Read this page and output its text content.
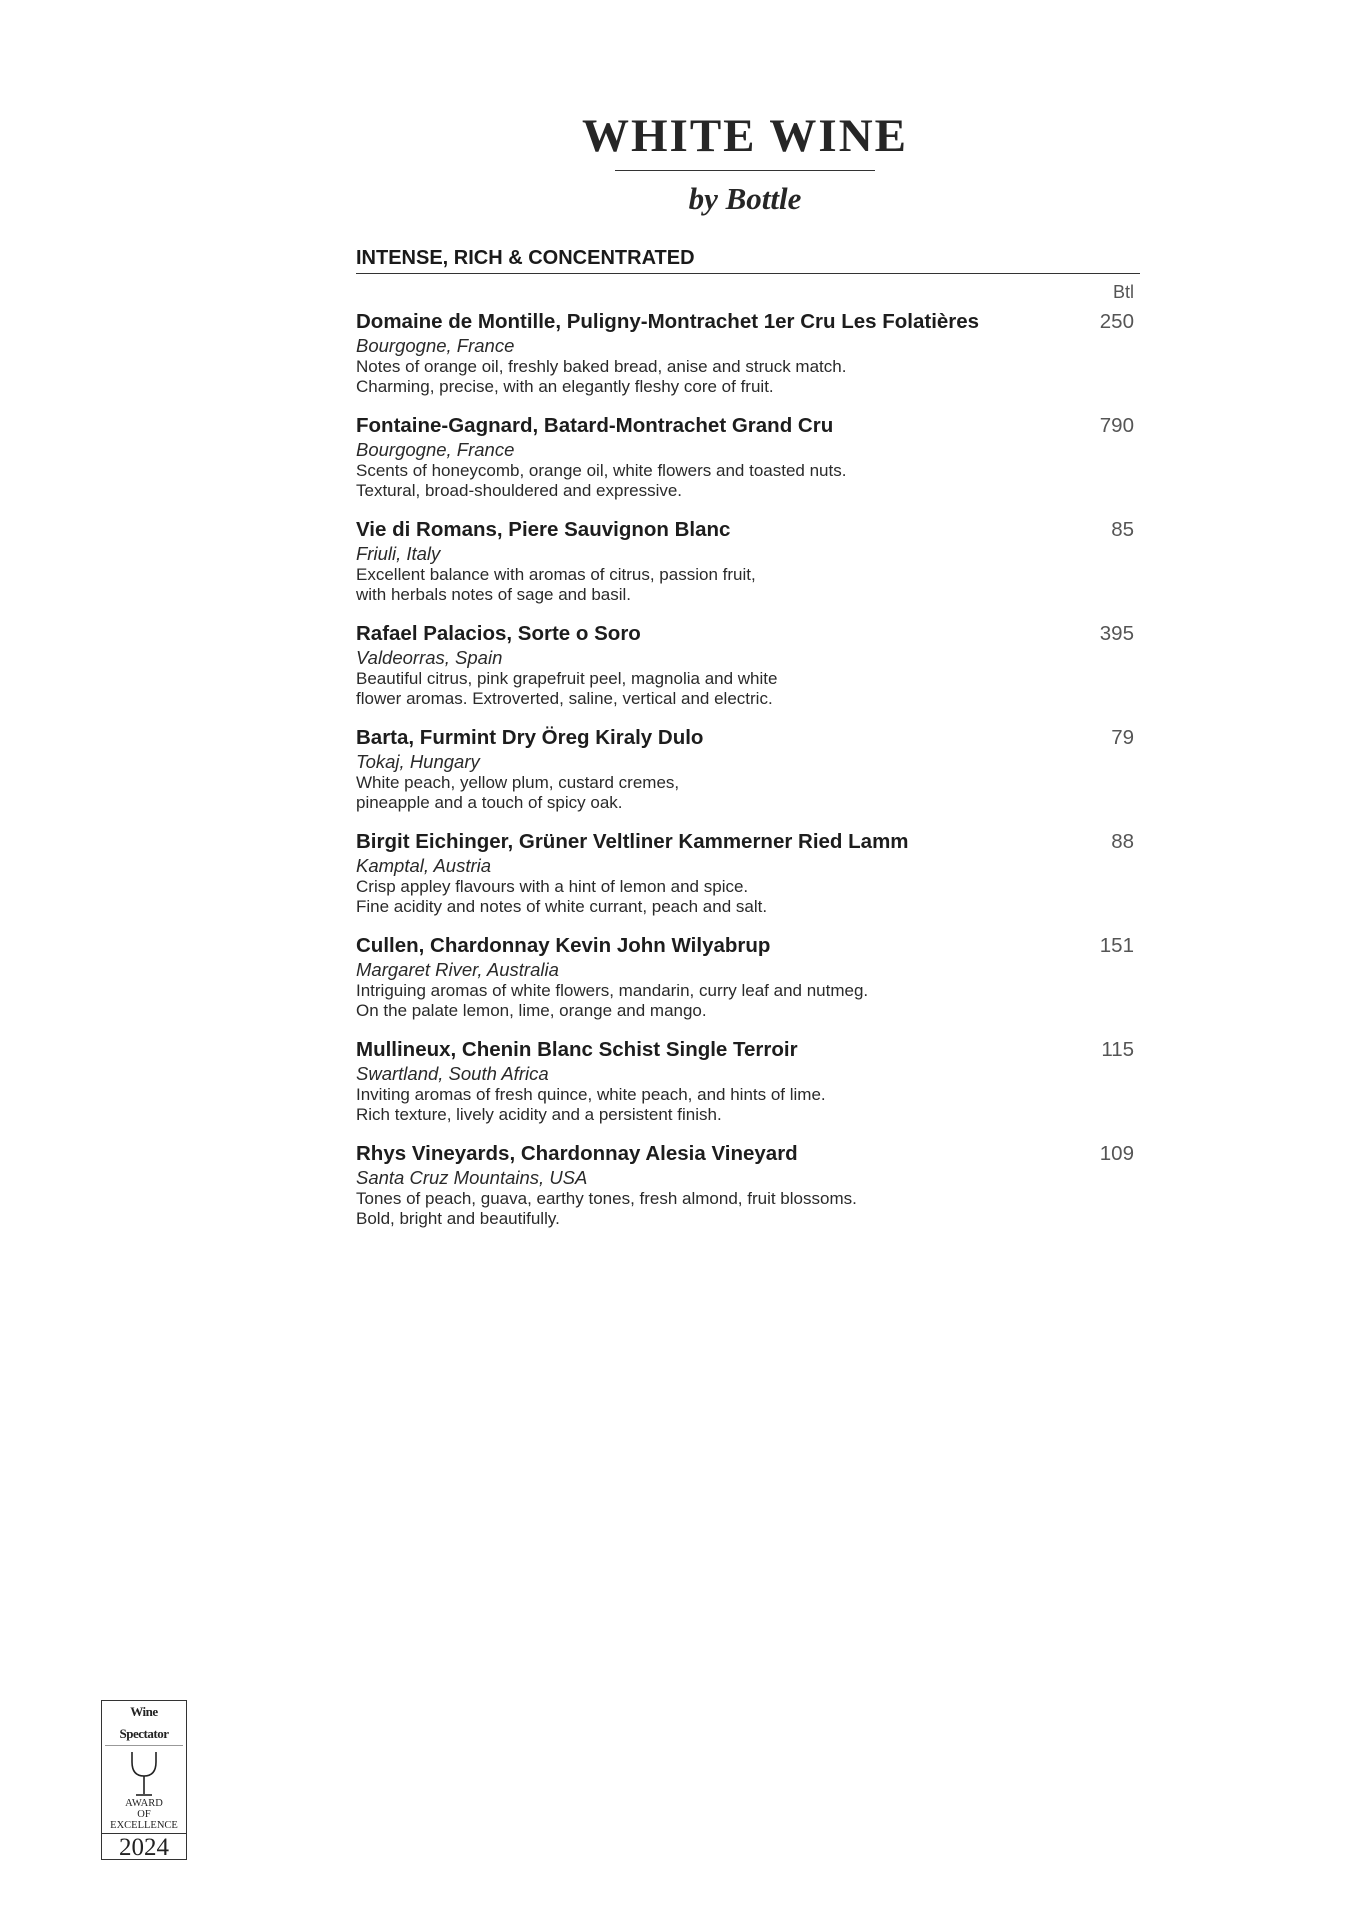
WHITE WINE
by Bottle
INTENSE, RICH & CONCENTRATED
Btl
Domaine de Montille, Puligny-Montrachet 1er Cru Les Folatières	250
Bourgogne, France
Notes of orange oil, freshly baked bread, anise and struck match.
Charming, precise, with an elegantly fleshy core of fruit.
Fontaine-Gagnard, Batard-Montrachet Grand Cru	790
Bourgogne, France
Scents of honeycomb, orange oil, white flowers and toasted nuts.
Textural, broad-shouldered and expressive.
Vie di Romans, Piere Sauvignon Blanc	85
Friuli, Italy
Excellent balance with aromas of citrus, passion fruit,
with herbals notes of sage and basil.
Rafael Palacios, Sorte o Soro	395
Valdeorras, Spain
Beautiful citrus, pink grapefruit peel, magnolia and white
flower aromas. Extroverted, saline, vertical and electric.
Barta, Furmint Dry Öreg Kiraly Dulo	79
Tokaj, Hungary
White peach, yellow plum, custard cremes,
pineapple and a touch of spicy oak.
Birgit Eichinger, Grüner Veltliner Kammerner Ried Lamm	88
Kamptal, Austria
Crisp appley flavours with a hint of lemon and spice.
Fine acidity and notes of white currant, peach and salt.
Cullen, Chardonnay Kevin John Wilyabrup	151
Margaret River, Australia
Intriguing aromas of white flowers, mandarin, curry leaf and nutmeg.
On the palate lemon, lime, orange and mango.
Mullineux, Chenin Blanc Schist Single Terroir	115
Swartland, South Africa
Inviting aromas of fresh quince, white peach, and hints of lime.
Rich texture, lively acidity and a persistent finish.
Rhys Vineyards, Chardonnay Alesia Vineyard	109
Santa Cruz Mountains, USA
Tones of peach, guava, earthy tones, fresh almond, fruit blossoms.
Bold, bright and beautifully.
Wine Spectator
AWARD
OF
EXCELLENCE
2024
